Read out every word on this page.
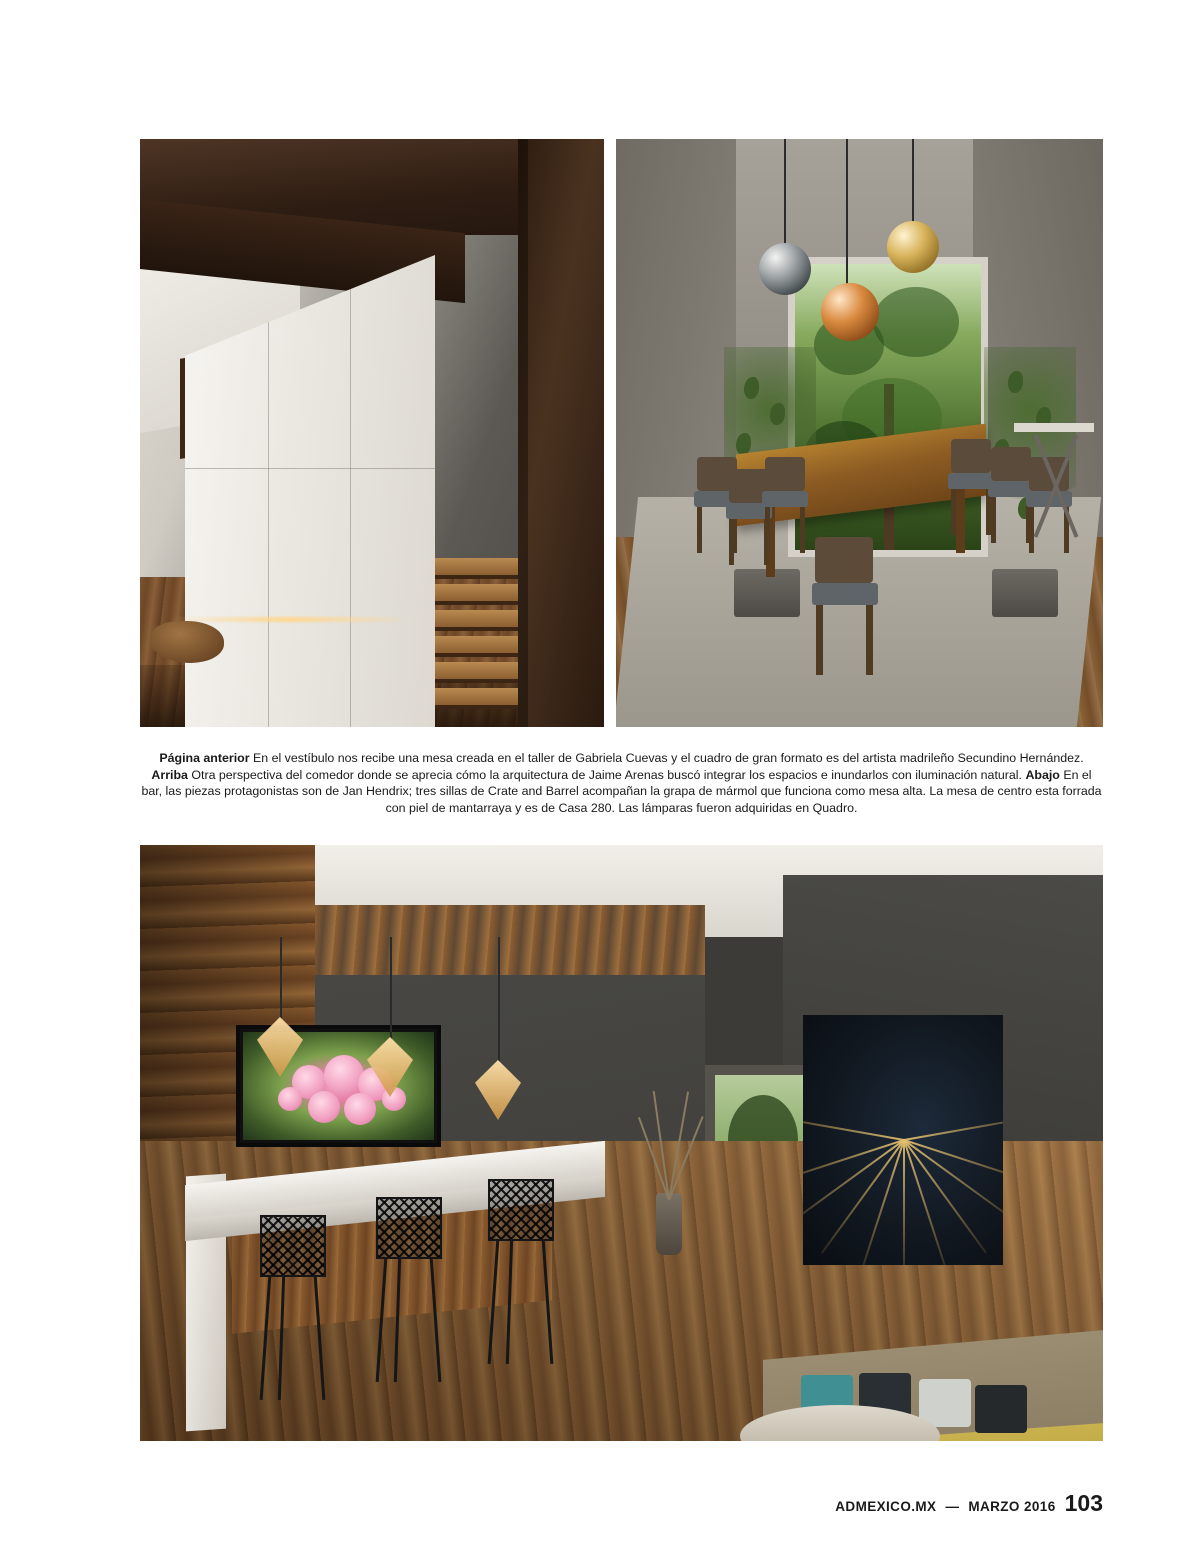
Página anterior En el vestíbulo nos recibe una mesa creada en el taller de Gabriela Cuevas y el cuadro de gran formato es del artista madrileño Secundino Hernández. Arriba Otra perspectiva del comedor donde se aprecia cómo la arquitectura de Jaime Arenas buscó integrar los espacios e inundarlos con iluminación natural. Abajo En el bar, las piezas protagonistas son de Jan Hendrix; tres sillas de Crate and Barrel acompañan la grapa de mármol que funciona como mesa alta. La mesa de centro esta forrada con piel de mantarraya y es de Casa 280. Las lámparas fueron adquiridas en Quadro.
ADMEXICO.MX — MARZO 2016 103
